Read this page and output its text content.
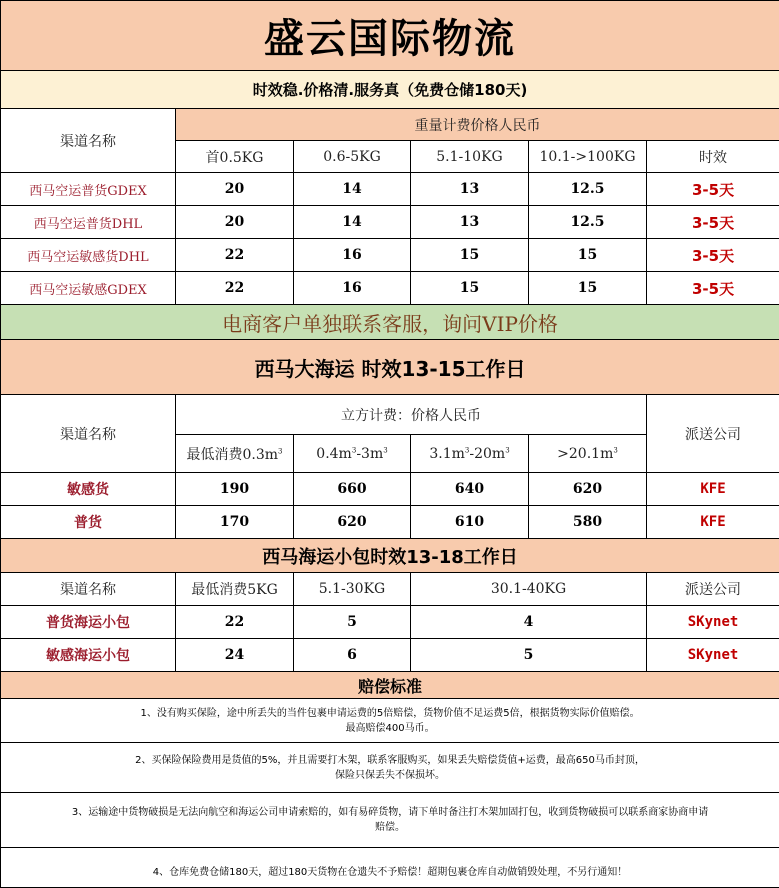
盛云国际物流					
时效稳.价格清.服务真（免费仓储180天)					
渠道名称	重量计费价格人民币				
	首0.5KG	0.6-5KG	5.1-10KG	10.1->100KG	时效
西马空运普货GDEX	20	14	13	12.5	3-5天
西马空运普货DHL	20	14	13	12.5	3-5天
西马空运敏感货DHL	22	16	15	15	3-5天
西马空运敏感GDEX	22	16	15	15	3-5天
电商客户单独联系客服，询问VIP价格					
西马大海运 时效13-15工作日					
渠道名称	立方计费：价格人民币				派送公司
	最低消费$0.3m^3$	$0.4m^3-3m^3$	$3.1m^3-20m^3$	$>20.1m^3$
敏感货	190	660	640	620	KFE
普货	170	620	610	580	KFE
西马海运小包时效13-18工作日					
渠道名称	最低消费5KG	5.1-30KG	30.1-40KG		派送公司
普货海运小包	22	5	4		SKynet
敏感海运小包	24	6	5		SKynet
赔偿标准					

1、没有购买保险，途中所丢失的当件包裹申请运费的5倍赔偿，货物价值不足运费5倍，根据货物实际价值赔偿。
最高赔偿400马币。					

2、买保险保险费用是货值的5%，并且需要打木架，联系客服购买，如果丢失赔偿货值+运费，最高650马币封顶，
保险只保丢失不保损坏。					

3、运输途中货物破损是无法向航空和海运公司申请索赔的，如有易碎货物，请下单时备注打木架加固打包，收到货物破损可以联系商家协商申请
赔偿。					

4、仓库免费仓储180天，超过180天货物在仓遗失不予赔偿！超期包裹仓库自动做销毁处理，不另行通知！					
